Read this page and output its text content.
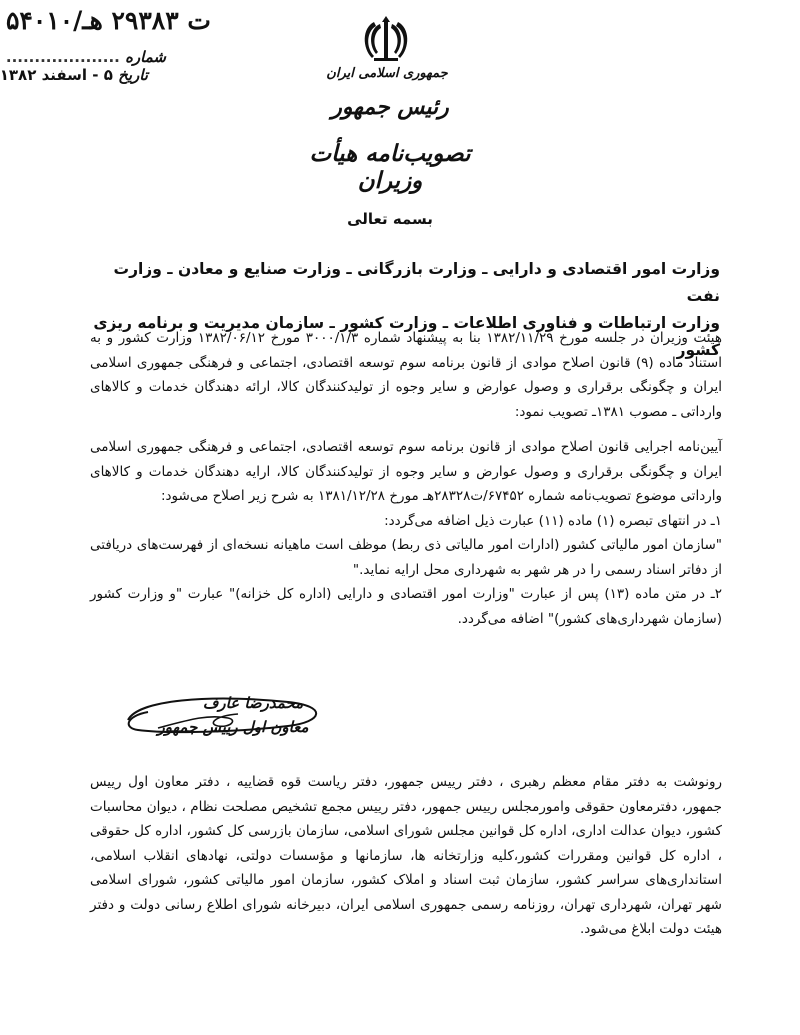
۵۴۰۱۰/ت ۲۹۳۸۳ هـ
شماره ....................
تاریخ ۵ - اسفند ۱۳۸۲	جمهوری اسلامی ایران
رئیس جمهور
تصویب‌نامه هیأت وزیران
بسمه تعالی
وزارت امور اقتصادی و دارایی ـ وزارت بازرگانی ـ وزارت صنایع و معادن ـ وزارت نفت
وزارت ارتباطات و فناوری اطلاعات ـ وزارت کشور ـ سازمان مدیریت و برنامه ریزی کشور

هیئت وزیران در جلسه مورخ ۱۳۸۲/۱۱/۲۹ بنا به پیشنهاد شماره ۳۰۰۰/۱/۳ مورخ ۱۳۸۲/۰۶/۱۲ وزارت کشور و به استناد ماده (۹) قانون اصلاح موادی از قانون برنامه سوم توسعه اقتصادی، اجتماعی و فرهنگی جمهوری اسلامی ایران و چگونگی برقراری و وصول عوارض و سایر وجوه از تولیدکنندگان کالا، ارائه دهندگان خدمات و کالاهای وارداتی ـ مصوب ۱۳۸۱ـ تصویب نمود:

آیین‌نامه اجرایی قانون اصلاح موادی از قانون برنامه سوم توسعه اقتصادی، اجتماعی و فرهنگی جمهوری اسلامی ایران و چگونگی برقراری و وصول عوارض و سایر وجوه از تولیدکنندگان کالا، ارایه دهندگان خدمات و کالاهای وارداتی موضوع تصویب‌نامه شماره ۶۷۴۵۲/ت۲۸۳۲۸هـ مورخ ۱۳۸۱/۱۲/۲۸ به شرح زیر اصلاح می‌شود:

۱ـ در انتهای تبصره (۱) ماده (۱۱) عبارت ذیل اضافه می‌گردد:

"سازمان امور مالیاتی کشور (ادارات امور مالیاتی ذی ربط) موظف است ماهیانه نسخه‌ای از فهرست‌های دریافتی از دفاتر اسناد رسمی را در هر شهر به شهرداری محل ارایه نماید."

۲ـ در متن ماده (۱۳) پس از عبارت "وزارت امور اقتصادی و دارایی (اداره کل خزانه)" عبارت "و وزارت کشور (سازمان شهرداری‌های کشور)" اضافه می‌گردد.

محمدرضا عارف
معاون اول رییس جمهور
رونوشت به دفتر مقام معظم رهبری ، دفتر رییس جمهور، دفتر ریاست قوه قضاییه ، دفتر معاون اول رییس جمهور، دفترمعاون حقوقی وامورمجلس رییس جمهور، دفتر رییس مجمع تشخیص مصلحت نظام ، دیوان محاسبات کشور، دیوان عدالت اداری، اداره کل قوانین مجلس شورای اسلامی، سازمان بازرسی کل کشور، اداره کل حقوقی ، اداره کل قوانین ومقررات کشور،کلیه وزارتخانه ها، سازمانها و مؤسسات دولتی، نهادهای انقلاب اسلامی، استانداری‌های سراسر کشور، سازمان ثبت اسناد و املاک کشور، سازمان امور مالیاتی کشور، شورای اسلامی شهر تهران، شهرداری تهران، روزنامه رسمی جمهوری اسلامی ایران، دبیرخانه شورای اطلاع رسانی دولت و دفتر هیئت دولت ابلاغ می‌شود.
